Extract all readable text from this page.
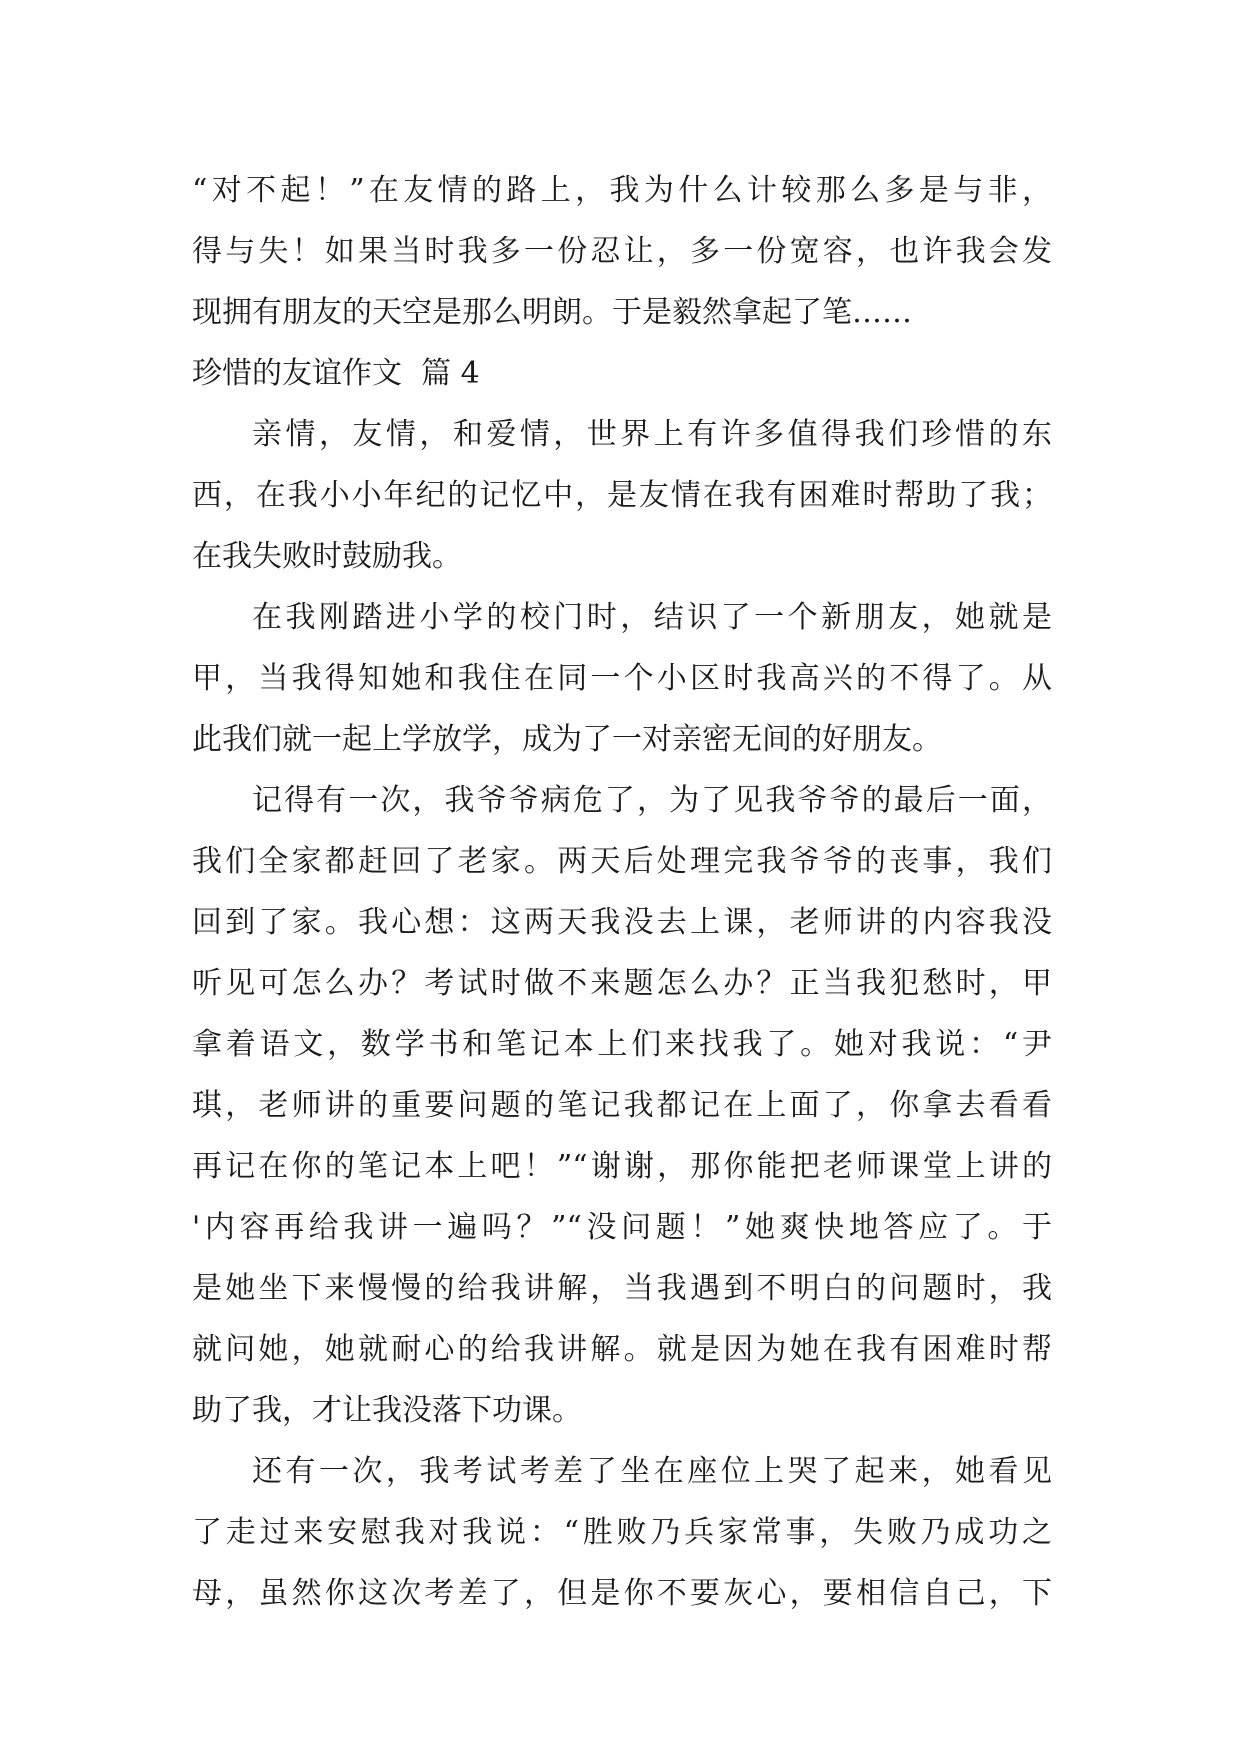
“对不起！”在友情的路上，我为什么计较那么多是与非，
得与失！如果当时我多一份忍让，多一份宽容，也许我会发
现拥有朋友的天空是那么明朗。于是毅然拿起了笔……

珍惜的友谊作文  篇 4

亲情，友情，和爱情，世界上有许多值得我们珍惜的东
西，在我小小年纪的记忆中，是友情在我有困难时帮助了我；
在我失败时鼓励我。

在我刚踏进小学的校门时，结识了一个新朋友，她就是
甲，当我得知她和我住在同一个小区时我高兴的不得了。从
此我们就一起上学放学，成为了一对亲密无间的好朋友。

记得有一次，我爷爷病危了，为了见我爷爷的最后一面，
我们全家都赶回了老家。两天后处理完我爷爷的丧事，我们
回到了家。我心想：这两天我没去上课，老师讲的内容我没
听见可怎么办？考试时做不来题怎么办？正当我犯愁时，甲
拿着语文，数学书和笔记本上们来找我了。她对我说：“尹
琪，老师讲的重要问题的笔记我都记在上面了，你拿去看看
再记在你的笔记本上吧！”“谢谢，那你能把老师课堂上讲的
'内容再给我讲一遍吗？”“没问题！”她爽快地答应了。于
是她坐下来慢慢的给我讲解，当我遇到不明白的问题时，我
就问她，她就耐心的给我讲解。就是因为她在我有困难时帮
助了我，才让我没落下功课。

还有一次，我考试考差了坐在座位上哭了起来，她看见
了走过来安慰我对我说：“胜败乃兵家常事，失败乃成功之
母，虽然你这次考差了，但是你不要灰心，要相信自己，下
